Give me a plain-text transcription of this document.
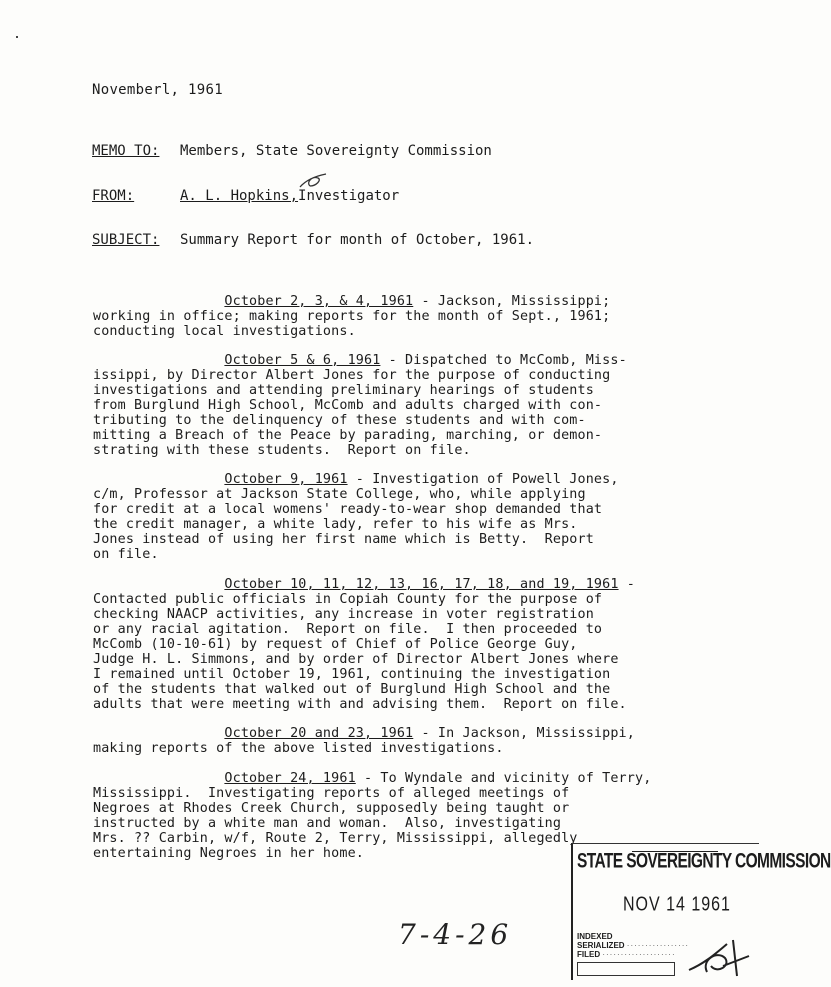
Novemberl, 1961
MEMO TO: Members, State Sovereignty Commission
FROM:	A. L. Hopkins,Investigator
SUBJECT: Summary Report for month of October, 1961.
October 2, 3, & 4, 1961 - Jackson, Mississippi;
working in office; making reports for the month of Sept., 1961;
conducting local investigations.
October 5 & 6, 1961 - Dispatched to McComb, Miss-
issippi, by Director Albert Jones for the purpose of conducting
investigations and attending preliminary hearings of students
from Burglund High School, McComb and adults charged with con-
tributing to the delinquency of these students and with com-
mitting a Breach of the Peace by parading, marching, or demon-
strating with these students.  Report on file.
October 9, 1961 - Investigation of Powell Jones,
c/m, Professor at Jackson State College, who, while applying
for credit at a local womens' ready-to-wear shop demanded that
the credit manager, a white lady, refer to his wife as Mrs.
Jones instead of using her first name which is Betty.  Report
on file.
October 10, 11, 12, 13, 16, 17, 18, and 19, 1961 -
Contacted public officials in Copiah County for the purpose of
checking NAACP activities, any increase in voter registration
or any racial agitation.  Report on file.  I then proceeded to
McComb (10-10-61) by request of Chief of Police George Guy,
Judge H. L. Simmons, and by order of Director Albert Jones where
I remained until October 19, 1961, continuing the investigation
of the students that walked out of Burglund High School and the
adults that were meeting with and advising them.  Report on file.
October 20 and 23, 1961 - In Jackson, Mississippi,
making reports of the above listed investigations.
October 24, 1961 - To Wyndale and vicinity of Terry,
Mississippi.  Investigating reports of alleged meetings of
Negroes at Rhodes Creek Church, supposedly being taught or
instructed by a white man and woman.  Also, investigating
Mrs. ?? Carbin, w/f, Route 2, Terry, Mississippi, allegedly
entertaining Negroes in her home.	STATE SOVEREIGNTY COMMISSION
NOV 14 1961
INDEXED
SERIALIZED ·················
FILED ····················
7-4-26
